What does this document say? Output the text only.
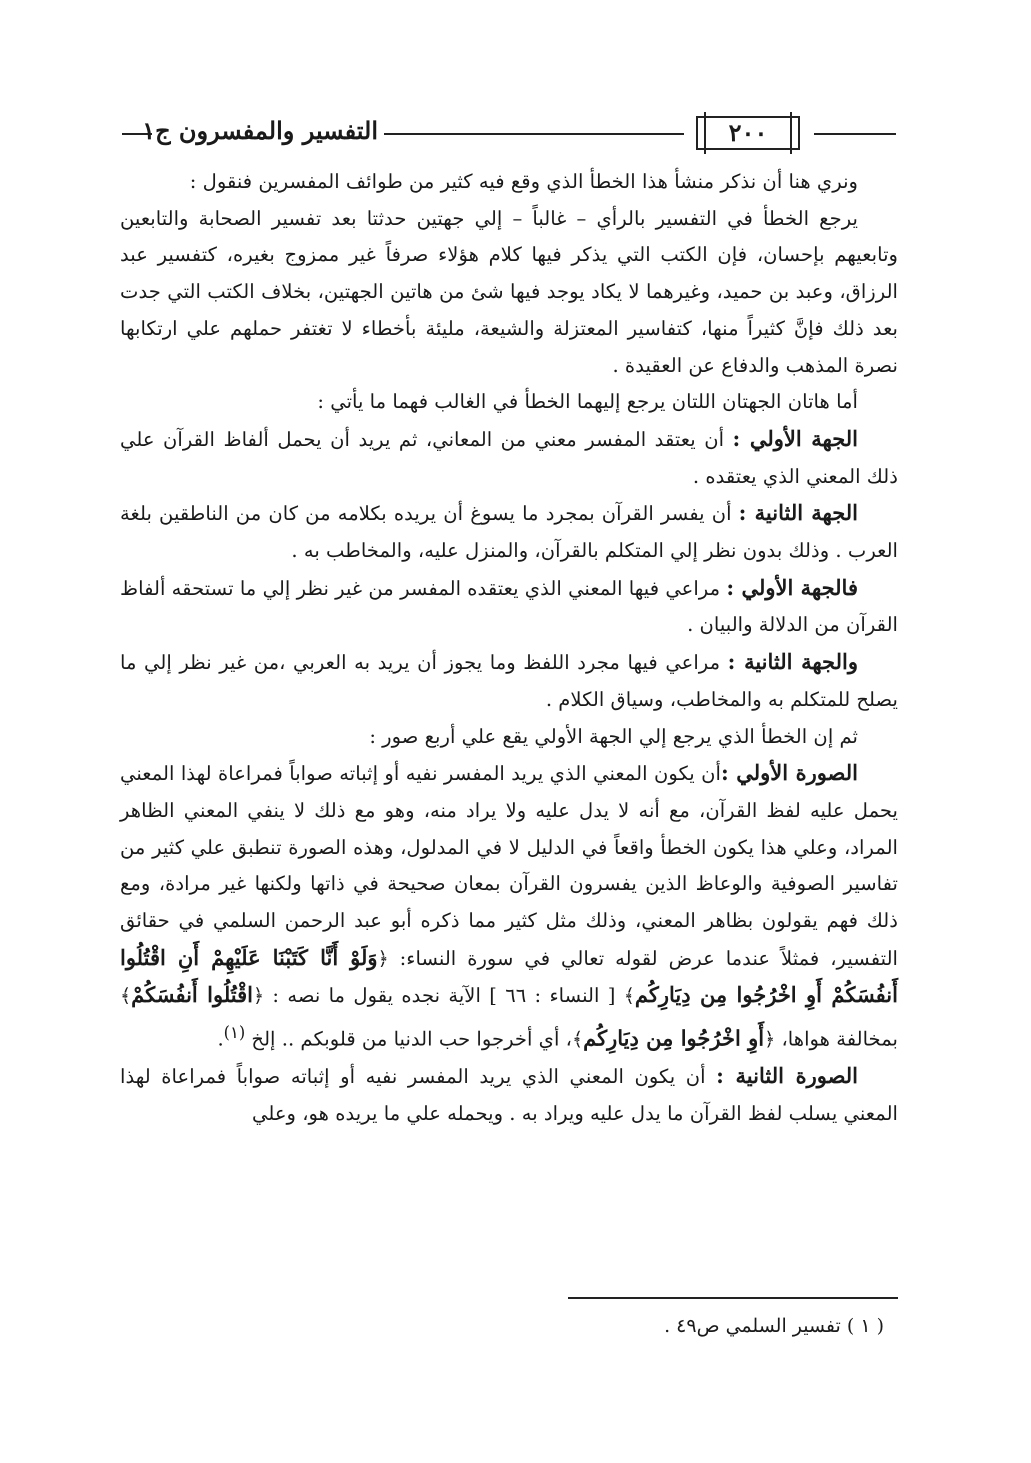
التفسير والمفسرون ج١	٢٠٠

ونري هنا أن نذكر منشأ هذا الخطأ الذي وقع فيه كثير من طوائف المفسرين فنقول :

يرجع الخطأ في التفسير بالرأي – غالباً – إلي جهتين حدثتا بعد تفسير الصحابة والتابعين وتابعيهم بإحسان، فإن الكتب التي يذكر فيها كلام هؤلاء صرفاً غير ممزوج بغيره، كتفسير عبد الرزاق، وعبد بن حميد، وغيرهما لا يكاد يوجد فيها شئ من هاتين الجهتين، بخلاف الكتب التي جدت بعد ذلك فإنَّ كثيراً منها، كتفاسير المعتزلة والشيعة، مليئة بأخطاء لا تغتفر حملهم علي ارتكابها نصرة المذهب والدفاع عن العقيدة .

أما هاتان الجهتان اللتان يرجع إليهما الخطأ في الغالب فهما ما يأتي :

الجهة الأولي : أن يعتقد المفسر معني من المعاني، ثم يريد أن يحمل ألفاظ القرآن علي ذلك المعني الذي يعتقده .

الجهة الثانية : أن يفسر القرآن بمجرد ما يسوغ أن يريده بكلامه من كان من الناطقين بلغة العرب . وذلك بدون نظر إلي المتكلم بالقرآن، والمنزل عليه، والمخاطب به .

فالجهة الأولي : مراعي فيها المعني الذي يعتقده المفسر من غير نظر إلي ما تستحقه ألفاظ القرآن من الدلالة والبيان .

والجهة الثانية : مراعي فيها مجرد اللفظ وما يجوز أن يريد به العربي ،من غير نظر إلي ما يصلح للمتكلم به والمخاطب، وسياق الكلام .

ثم إن الخطأ الذي يرجع إلي الجهة الأولي يقع علي أربع صور :

الصورة الأولي :أن يكون المعني الذي يريد المفسر نفيه أو إثباته صواباً فمراعاة لهذا المعني يحمل عليه لفظ القرآن، مع أنه لا يدل عليه ولا يراد منه، وهو مع ذلك لا ينفي المعني الظاهر المراد، وعلي هذا يكون الخطأ واقعاً في الدليل لا في المدلول، وهذه الصورة تنطبق علي كثير من تفاسير الصوفية والوعاظ الذين يفسرون القرآن بمعان صحيحة في ذاتها ولكنها غير مرادة، ومع ذلك فهم يقولون بظاهر المعني، وذلك مثل كثير مما ذكره أبو عبد الرحمن السلمي في حقائق التفسير، فمثلاً عندما عرض لقوله تعالي في سورة النساء: ﴿وَلَوْ أَنَّا كَتَبْنَا عَلَيْهِمْ أَنِ اقْتُلُوا أَنفُسَكُمْ أَوِ اخْرُجُوا مِن دِيَارِكُم﴾ [ النساء : ٦٦ ] الآية نجده يقول ما نصه : ﴿اقْتُلُوا أَنفُسَكُمْ﴾ بمخالفة هواها، ﴿أَوِ اخْرُجُوا مِن دِيَارِكُم﴾، أي أخرجوا حب الدنيا من قلوبكم .. إلخ $^{(١)}$.

الصورة الثانية : أن يكون المعني الذي يريد المفسر نفيه أو إثباته صواباً فمراعاة لهذا المعني يسلب لفظ القرآن ما يدل عليه ويراد به . ويحمله علي ما يريده هو، وعلي

( ١ ) تفسير السلمي ص٤٩ .
